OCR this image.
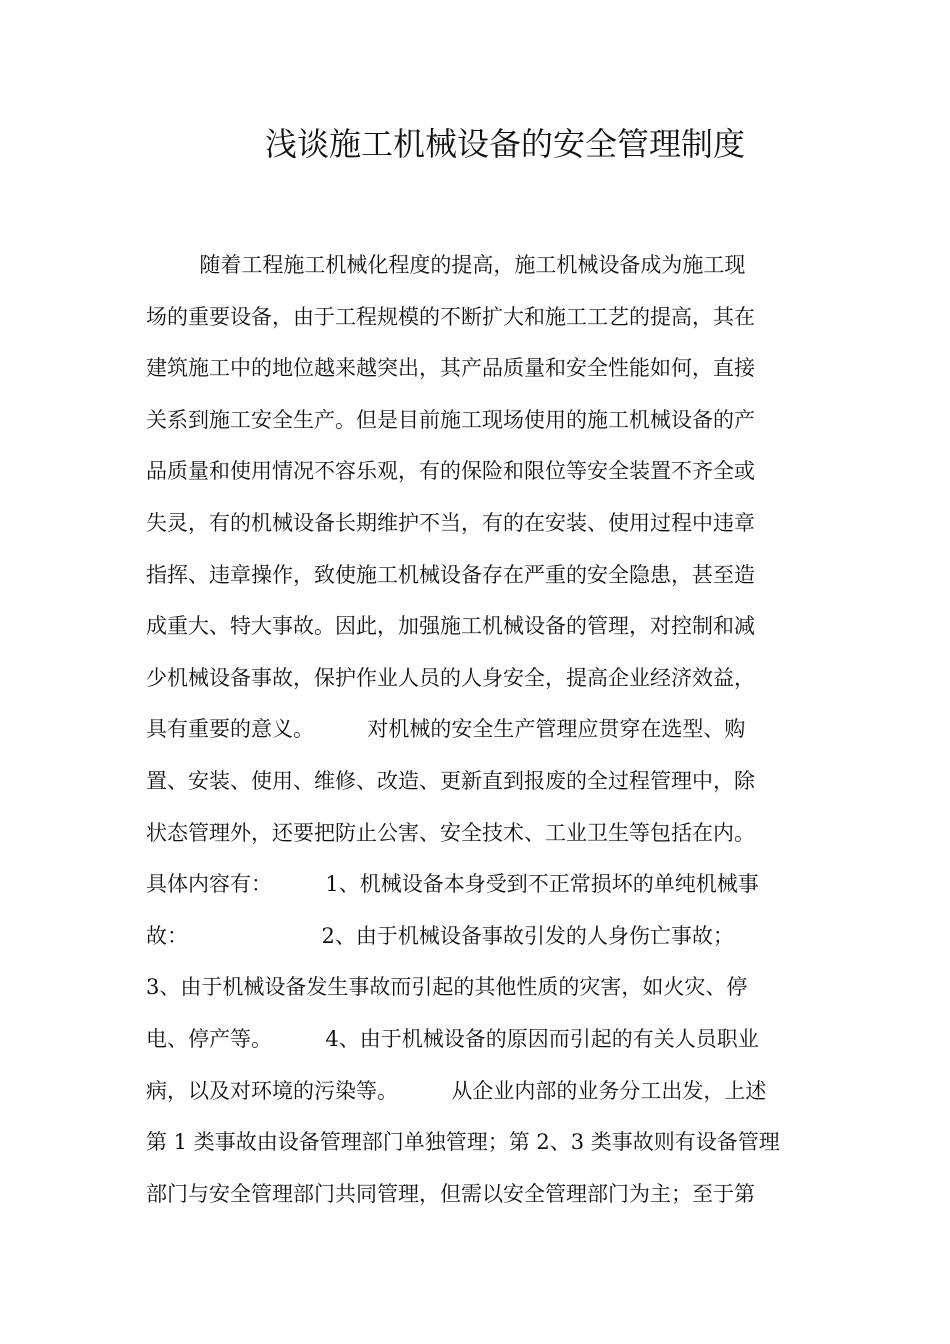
浅谈施工机械设备的安全管理制度
随着工程施工机械化程度的提高，施工机械设备成为施工现
场的重要设备，由于工程规模的不断扩大和施工工艺的提高，其在
建筑施工中的地位越来越突出，其产品质量和安全性能如何，直接
关系到施工安全生产。但是目前施工现场使用的施工机械设备的产
品质量和使用情况不容乐观，有的保险和限位等安全装置不齐全或
失灵，有的机械设备长期维护不当，有的在安装、使用过程中违章
指挥、违章操作，致使施工机械设备存在严重的安全隐患，甚至造
成重大、特大事故。因此，加强施工机械设备的管理，对控制和减
少机械设备事故，保护作业人员的人身安全，提高企业经济效益，
具有重要的意义。        对机械的安全生产管理应贯穿在选型、购
置、安装、使用、维修、改造、更新直到报废的全过程管理中，除
状态管理外，还要把防止公害、安全技术、工业卫生等包括在内。
具体内容有：        1、机械设备本身受到不正常损坏的单纯机械事
故：                    2、由于机械设备事故引发的人身伤亡事故；
3、由于机械设备发生事故而引起的其他性质的灾害，如火灾、停
电、停产等。        4、由于机械设备的原因而引起的有关人员职业
病，以及对环境的污染等。        从企业内部的业务分工出发，上述
第 1 类事故由设备管理部门单独管理；第 2、3 类事故则有设备管理
部门与安全管理部门共同管理，但需以安全管理部门为主；至于第
